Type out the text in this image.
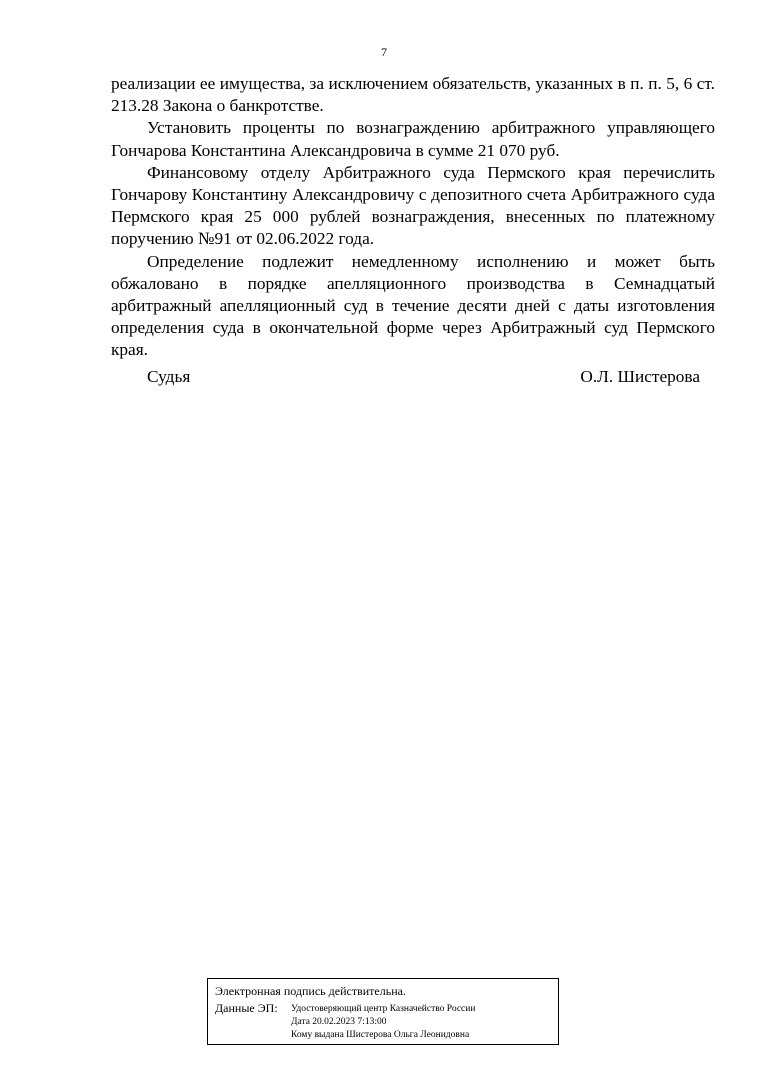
7

реализации ее имущества, за исключением обязательств, указанных в п. п. 5, 6 ст. 213.28 Закона о банкротстве.

Установить проценты по вознаграждению арбитражного управляющего Гончарова Константина Александровича в сумме 21 070 руб.

Финансовому отделу Арбитражного суда Пермского края перечислить Гончарову Константину Александровичу с депозитного счета Арбитражного суда Пермского края 25 000 рублей вознаграждения, внесенных по платежному поручению №91 от 02.06.2022 года.

Определение подлежит немедленному исполнению и может быть обжаловано в порядке апелляционного производства в Семнадцатый арбитражный апелляционный суд в течение десяти дней с даты изготовления определения суда в окончательной форме через Арбитражный суд Пермского края.

Судья	О.Л. Шистерова
Электронная подпись действительна.
Данные ЭП: Удостоверяющий центр Казначейство России
Дата 20.02.2023 7:13:00
Кому выдана Шистерова Ольга Леонидовна
